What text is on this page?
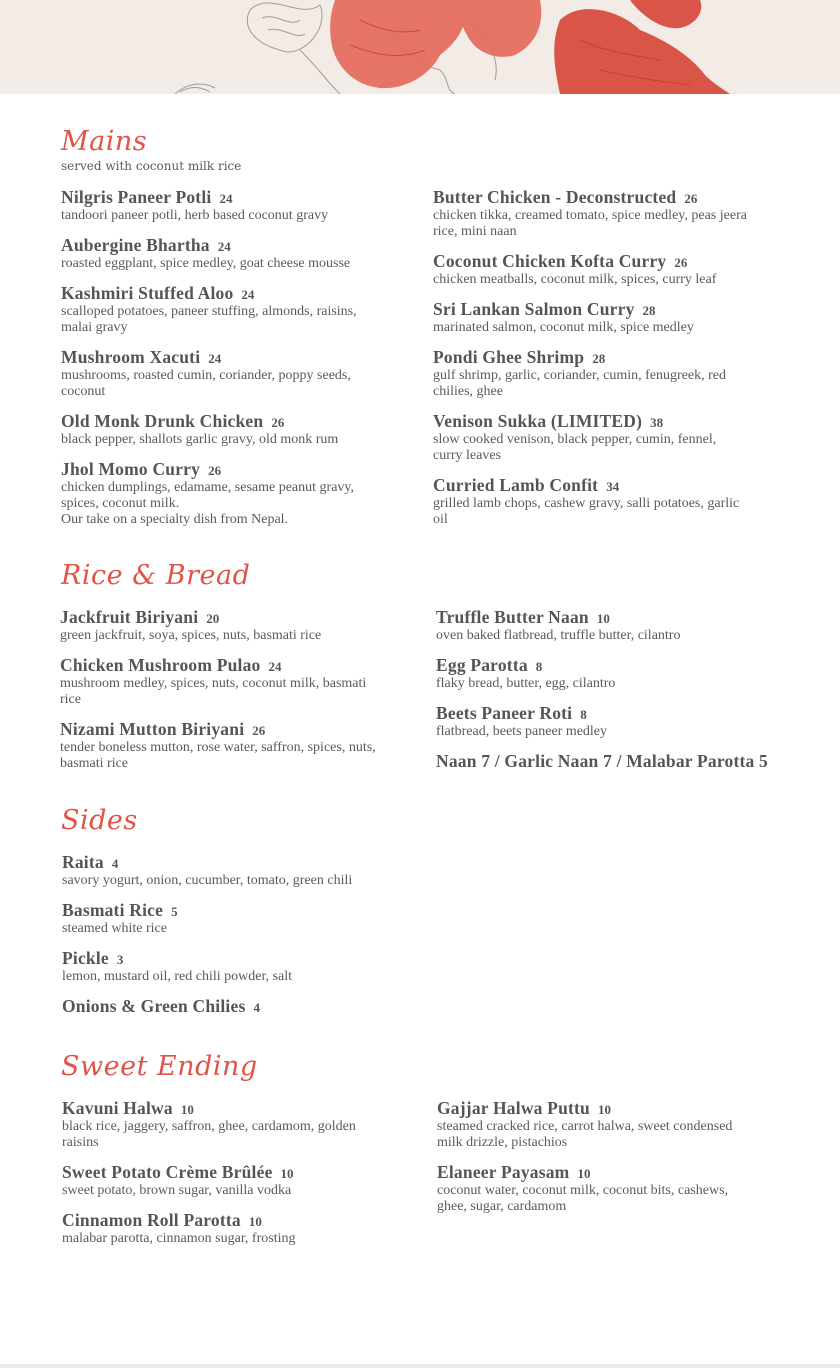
Mains
served with coconut milk rice
Nilgris Paneer Potli 24
tandoori paneer potli, herb based coconut gravy
Aubergine Bhartha 24
roasted eggplant, spice medley, goat cheese mousse
Kashmiri Stuffed Aloo 24
scalloped potatoes, paneer stuffing, almonds, raisins,
malai gravy
Mushroom Xacuti 24
mushrooms, roasted cumin, coriander, poppy seeds,
coconut
Old Monk Drunk Chicken 26
black pepper, shallots garlic gravy, old monk rum
Jhol Momo Curry 26
chicken dumplings, edamame, sesame peanut gravy,
spices, coconut milk.
Our take on a specialty dish from Nepal.
Butter Chicken - Deconstructed 26
chicken tikka, creamed tomato, spice medley, peas jeera
rice, mini naan
Coconut Chicken Kofta Curry 26
chicken meatballs, coconut milk, spices, curry leaf
Sri Lankan Salmon Curry 28
marinated salmon, coconut milk, spice medley
Pondi Ghee Shrimp 28
gulf shrimp, garlic, coriander, cumin, fenugreek, red
chilies, ghee
Venison Sukka (LIMITED) 38
slow cooked venison, black pepper, cumin, fennel,
curry leaves
Curried Lamb Confit 34
grilled lamb chops, cashew gravy, salli potatoes, garlic
oil
Rice & Bread
Jackfruit Biriyani 20
green jackfruit, soya, spices, nuts, basmati rice
Chicken Mushroom Pulao 24
mushroom medley, spices, nuts, coconut milk, basmati
rice
Nizami Mutton Biriyani 26
tender boneless mutton, rose water, saffron, spices, nuts,
basmati rice
Truffle Butter Naan 10
oven baked flatbread, truffle butter, cilantro
Egg Parotta 8
flaky bread, butter, egg, cilantro
Beets Paneer Roti 8
flatbread, beets paneer medley
Naan 7 / Garlic Naan 7 / Malabar Parotta 5
Sides
Raita 4
savory yogurt, onion, cucumber, tomato, green chili
Basmati Rice 5
steamed white rice
Pickle 3
lemon, mustard oil, red chili powder, salt
Onions & Green Chilies 4
Sweet Ending
Kavuni Halwa 10
black rice, jaggery, saffron, ghee, cardamom, golden
raisins
Sweet Potato Crème Brûlée 10
sweet potato, brown sugar, vanilla vodka
Cinnamon Roll Parotta 10
malabar parotta, cinnamon sugar, frosting
Gajjar Halwa Puttu 10
steamed cracked rice, carrot halwa, sweet condensed
milk drizzle, pistachios
Elaneer Payasam 10
coconut water, coconut milk, coconut bits, cashews,
ghee, sugar, cardamom
